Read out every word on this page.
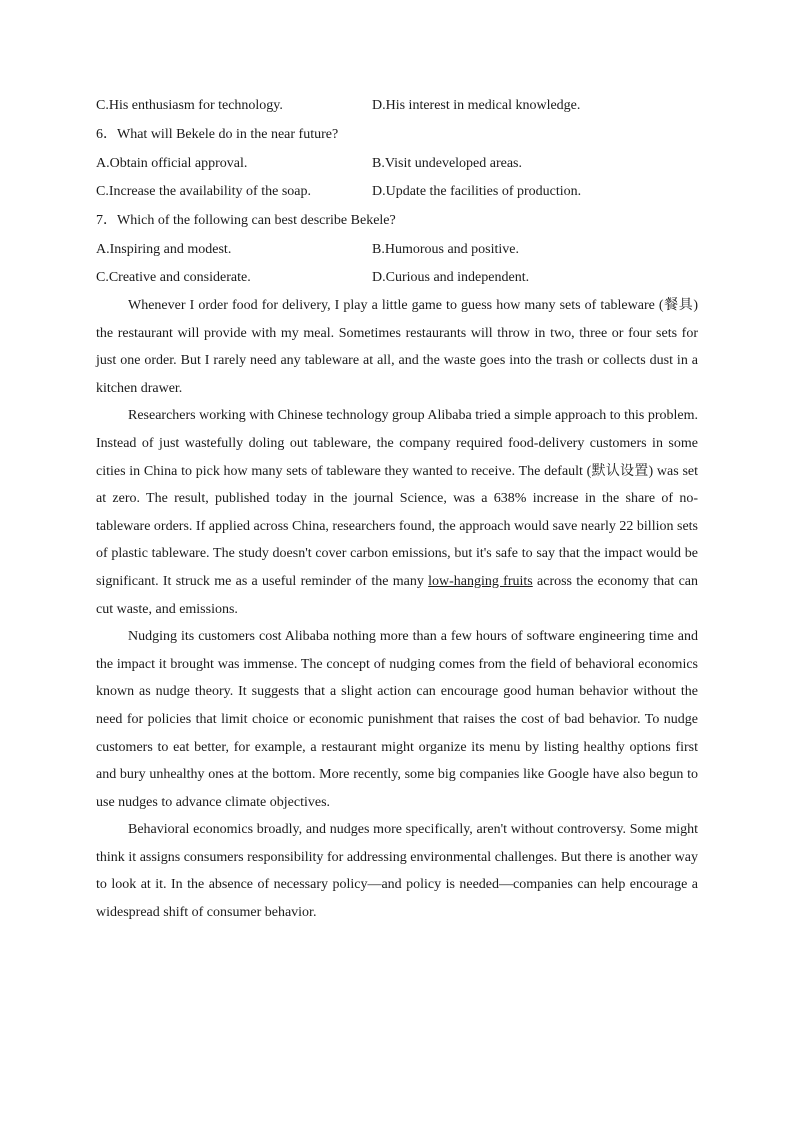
C.His enthusiasm for technology.	D.His interest in medical knowledge.
6．What will Bekele do in the near future?
A.Obtain official approval.	B.Visit undeveloped areas.
C.Increase the availability of the soap.	D.Update the facilities of production.
7．Which of the following can best describe Bekele?
A.Inspiring and modest.	B.Humorous and positive.
C.Creative and considerate.	D.Curious and independent.

Whenever I order food for delivery, I play a little game to guess how many sets of tableware (餐具) the restaurant will provide with my meal. Sometimes restaurants will throw in two, three or four sets for just one order. But I rarely need any tableware at all, and the waste goes into the trash or collects dust in a kitchen drawer.

Researchers working with Chinese technology group Alibaba tried a simple approach to this problem. Instead of just wastefully doling out tableware, the company required food-delivery customers in some cities in China to pick how many sets of tableware they wanted to receive. The default (默认设置) was set at zero. The result, published today in the journal Science, was a 638% increase in the share of no-tableware orders. If applied across China, researchers found, the approach would save nearly 22 billion sets of plastic tableware. The study doesn't cover carbon emissions, but it's safe to say that the impact would be significant. It struck me as a useful reminder of the many low-hanging fruits across the economy that can cut waste, and emissions.

Nudging its customers cost Alibaba nothing more than a few hours of software engineering time and the impact it brought was immense. The concept of nudging comes from the field of behavioral economics known as nudge theory. It suggests that a slight action can encourage good human behavior without the need for policies that limit choice or economic punishment that raises the cost of bad behavior. To nudge customers to eat better, for example, a restaurant might organize its menu by listing healthy options first and bury unhealthy ones at the bottom. More recently, some big companies like Google have also begun to use nudges to advance climate objectives.

Behavioral economics broadly, and nudges more specifically, aren't without controversy. Some might think it assigns consumers responsibility for addressing environmental challenges. But there is another way to look at it. In the absence of necessary policy—and policy is needed—companies can help encourage a widespread shift of consumer behavior.
